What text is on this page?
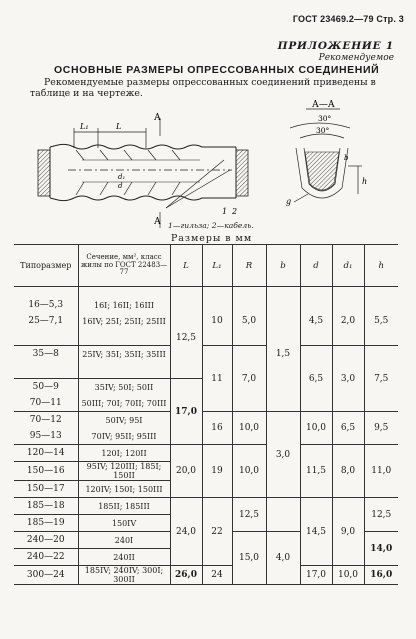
ГОСТ 23469.2—79 Стр. 3
ПРИЛОЖЕНИЕ 1
Рекомендуемое
ОСНОВНЫЕ РАЗМЕРЫ ОПРЕССОВАННЫХ СОЕДИНЕНИЙ
Рекомендуемые размеры опрессованных соединений приведены в таблице и на чертеже.
L₁	L
d₁
d
А
А
1 2
А—А
30°
30°
h
b
g
1—гильза; 2—кабель.
Размеры в мм
Типоразмер	Сечение, мм², класс жилы по ГОСТ 22483—77	L	L₁	R	b	d	d₁	h

16—5,3	16I; 16II; 16III	12,5	10	5,0	1,5	4,5	2,0	5,5
25—7,1	16IV; 25I; 25II; 25III							

35—8	25IV; 35I; 35II; 35III		11	7,0		6,5	3,0	7,5

50—9	35IV; 50I; 50II	17,0						
70—11	50III; 70I; 70II; 70III							
70—12	50IV; 95I		16	10,0	3,0	10,0	6,5	9,5
95—13	70IV; 95II; 95III							
120—14	120I; 120II	20,0	19	10,0		11,5	8,0	11,0
150—16	95IV; 120III; 185I; 150II							
150—17	120IV; 150I; 150III							
185—18	185II; 185III	24,0	22	12,5		14,5	9,0	12,5
185—19	150IV							
240—20	240I			15,0	4,0			14,0
240—22	240II							
300—24	185IV; 240IV; 300I; 300II	26,0	24			17,0	10,0	16,0
